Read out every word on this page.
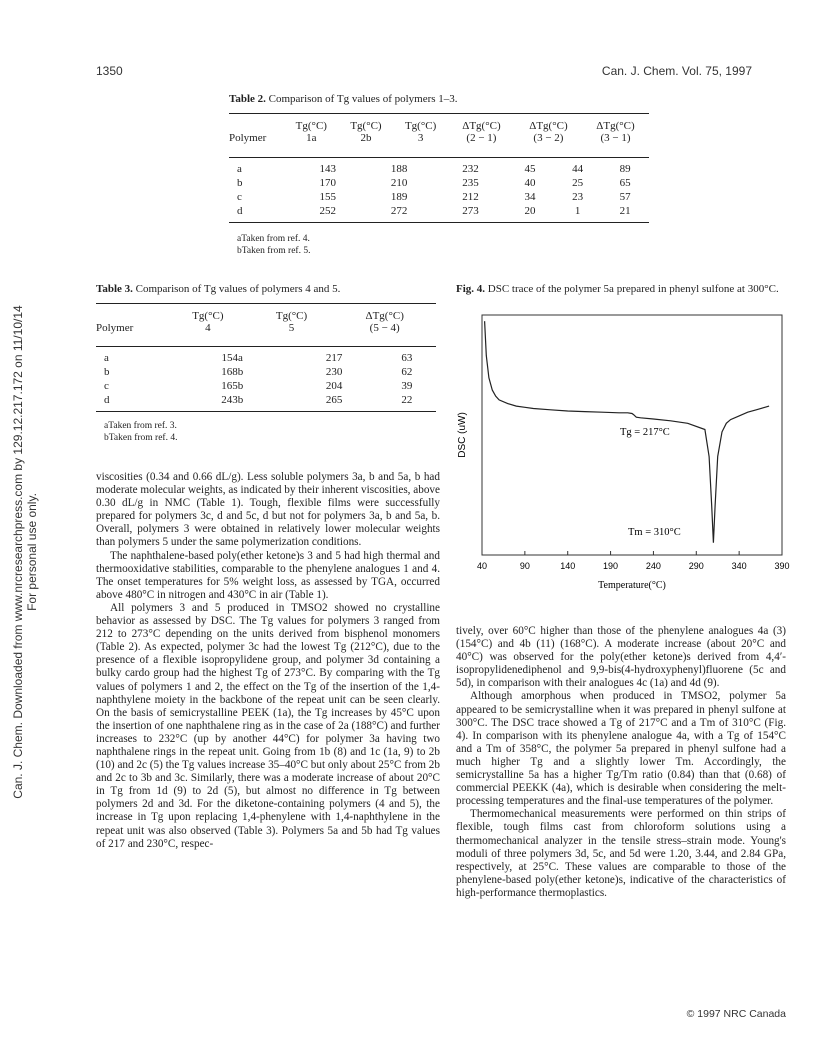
1350	Can. J. Chem. Vol. 75, 1997
Can. J. Chem. Downloaded from www.nrcresearchpress.com by 129.12.217.172 on 11/10/14 For personal use only.
Table 2. Comparison of Tg values of polymers 1–3.
	Tg(°C)	Tg(°C)	Tg(°C)	ΔTg(°C)	ΔTg(°C)	ΔTg(°C)
Polymer	1a	2b	3	(2 − 1)	(3 − 2)	(3 − 1)

a	143	188	232	45	44	89
b	170	210	235	40	25	65
c	155	189	212	34	23	57
d	252	272	273	20	1	21
aTaken from ref. 4.
bTaken from ref. 5.
Table 3. Comparison of Tg values of polymers 4 and 5.
	Tg(°C)	Tg(°C)	ΔTg(°C)
Polymer	4	5	(5 − 4)
a	154a	217	63
b	168b	230	62
c	165b	204	39
d	243b	265	22
aTaken from ref. 3.
bTaken from ref. 4.
Fig. 4. DSC trace of the polymer 5a prepared in phenyl sulfone at 300°C.
40	90	140	190	240	290	340	390
DSC (uW)
Temperature(°C)
Tg = 217°C
Tm = 310°C

viscosities (0.34 and 0.66 dL/g). Less soluble polymers 3a, b and 5a, b had moderate molecular weights, as indicated by their inherent viscosities, above 0.30 dL/g in NMC (Table 1). Tough, flexible films were successfully prepared for polymers 3c, d and 5c, d but not for polymers 3a, b and 5a, b. Overall, polymers 3 were obtained in relatively lower molecular weights than polymers 5 under the same polymerization conditions.

The naphthalene-based poly(ether ketone)s 3 and 5 had high thermal and thermooxidative stabilities, comparable to the phenylene analogues 1 and 4. The onset temperatures for 5% weight loss, as assessed by TGA, occurred above 480°C in nitrogen and 430°C in air (Table 1).

All polymers 3 and 5 produced in TMSO2 showed no crystalline behavior as assessed by DSC. The Tg values for polymers 3 ranged from 212 to 273°C depending on the units derived from bisphenol monomers (Table 2). As expected, polymer 3c had the lowest Tg (212°C), due to the presence of a flexible isopropylidene group, and polymer 3d containing a bulky cardo group had the highest Tg of 273°C. By comparing with the Tg values of polymers 1 and 2, the effect on the Tg of the insertion of the 1,4-naphthylene moiety in the backbone of the repeat unit can be seen clearly. On the basis of semicrystalline PEEK (1a), the Tg increases by 45°C upon the insertion of one naphthalene ring as in the case of 2a (188°C) and further increases to 232°C (up by another 44°C) for polymer 3a having two naphthalene rings in the repeat unit. Going from 1b (8) and 1c (1a, 9) to 2b (10) and 2c (5) the Tg values increase 35–40°C but only about 25°C from 2b and 2c to 3b and 3c. Similarly, there was a moderate increase of about 20°C in Tg from 1d (9) to 2d (5), but almost no difference in Tg between polymers 2d and 3d. For the diketone-containing polymers (4 and 5), the increase in Tg upon replacing 1,4-phenylene with 1,4-naphthylene in the repeat unit was also observed (Table 3). Polymers 5a and 5b had Tg values of 217 and 230°C, respec-

tively, over 60°C higher than those of the phenylene analogues 4a (3) (154°C) and 4b (11) (168°C). A moderate increase (about 20°C and 40°C) was observed for the poly(ether ketone)s derived from 4,4′-isopropylidenediphenol and 9,9-bis(4-hydroxyphenyl)fluorene (5c and 5d), in comparison with their analogues 4c (1a) and 4d (9).

Although amorphous when produced in TMSO2, polymer 5a appeared to be semicrystalline when it was prepared in phenyl sulfone at 300°C. The DSC trace showed a Tg of 217°C and a Tm of 310°C (Fig. 4). In comparison with its phenylene analogue 4a, with a Tg of 154°C and a Tm of 358°C, the polymer 5a prepared in phenyl sulfone had a much higher Tg and a slightly lower Tm. Accordingly, the semicrystalline 5a has a higher Tg/Tm ratio (0.84) than that (0.68) of commercial PEEKK (4a), which is desirable when considering the melt-processing temperatures and the final-use temperatures of the polymer.

Thermomechanical measurements were performed on thin strips of flexible, tough films cast from chloroform solutions using a thermomechanical analyzer in the tensile stress–strain mode. Young's moduli of three polymers 3d, 5c, and 5d were 1.20, 3.44, and 2.84 GPa, respectively, at 25°C. These values are comparable to those of the phenylene-based poly(ether ketone)s, indicative of the characteristics of high-performance thermoplastics.

© 1997 NRC Canada
